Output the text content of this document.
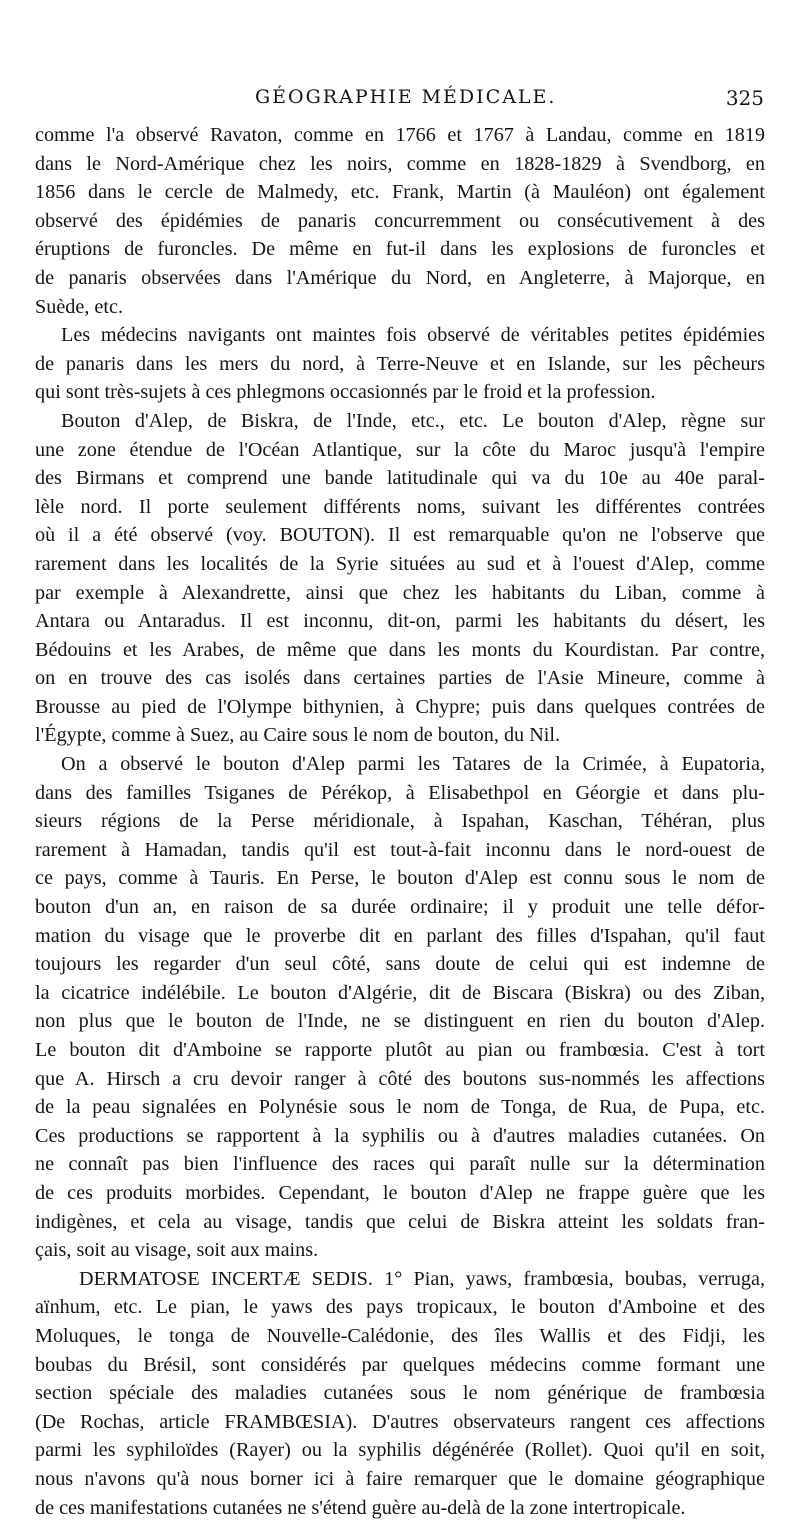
GÉOGRAPHIE MÉDICALE.	325
comme l'a observé Ravaton, comme en 1766 et 1767 à Landau, comme en 1819
dans le Nord-Amérique chez les noirs, comme en 1828-1829 à Svendborg, en
1856 dans le cercle de Malmedy, etc. Frank, Martin (à Mauléon) ont également
observé des épidémies de panaris concurremment ou consécutivement à des
éruptions de furoncles. De même en fut-il dans les explosions de furoncles et
de panaris observées dans l'Amérique du Nord, en Angleterre, à Majorque, en
Suède, etc.
Les médecins navigants ont maintes fois observé de véritables petites épidémies
de panaris dans les mers du nord, à Terre-Neuve et en Islande, sur les pêcheurs
qui sont très-sujets à ces phlegmons occasionnés par le froid et la profession.
Bouton d'Alep, de Biskra, de l'Inde, etc., etc. Le bouton d'Alep, règne sur
une zone étendue de l'Océan Atlantique, sur la côte du Maroc jusqu'à l'empire
des Birmans et comprend une bande latitudinale qui va du 10e au 40e paral-
lèle nord. Il porte seulement différents noms, suivant les différentes contrées
où il a été observé (voy. BOUTON). Il est remarquable qu'on ne l'observe que
rarement dans les localités de la Syrie situées au sud et à l'ouest d'Alep, comme
par exemple à Alexandrette, ainsi que chez les habitants du Liban, comme à
Antara ou Antaradus. Il est inconnu, dit-on, parmi les habitants du désert, les
Bédouins et les Arabes, de même que dans les monts du Kourdistan. Par contre,
on en trouve des cas isolés dans certaines parties de l'Asie Mineure, comme à
Brousse au pied de l'Olympe bithynien, à Chypre; puis dans quelques contrées de
l'Égypte, comme à Suez, au Caire sous le nom de bouton, du Nil.
On a observé le bouton d'Alep parmi les Tatares de la Crimée, à Eupatoria,
dans des familles Tsiganes de Pérékop, à Elisabethpol en Géorgie et dans plu-
sieurs régions de la Perse méridionale, à Ispahan, Kaschan, Téhéran, plus
rarement à Hamadan, tandis qu'il est tout-à-fait inconnu dans le nord-ouest de
ce pays, comme à Tauris. En Perse, le bouton d'Alep est connu sous le nom de
bouton d'un an, en raison de sa durée ordinaire; il y produit une telle défor-
mation du visage que le proverbe dit en parlant des filles d'Ispahan, qu'il faut
toujours les regarder d'un seul côté, sans doute de celui qui est indemne de
la cicatrice indélébile. Le bouton d'Algérie, dit de Biscara (Biskra) ou des Ziban,
non plus que le bouton de l'Inde, ne se distinguent en rien du bouton d'Alep.
Le bouton dit d'Amboine se rapporte plutôt au pian ou frambœsia. C'est à tort
que A. Hirsch a cru devoir ranger à côté des boutons sus-nommés les affections
de la peau signalées en Polynésie sous le nom de Tonga, de Rua, de Pupa, etc.
Ces productions se rapportent à la syphilis ou à d'autres maladies cutanées. On
ne connaît pas bien l'influence des races qui paraît nulle sur la détermination
de ces produits morbides. Cependant, le bouton d'Alep ne frappe guère que les
indigènes, et cela au visage, tandis que celui de Biskra atteint les soldats fran-
çais, soit au visage, soit aux mains.
DERMATOSE INCERTÆ SEDIS. 1° Pian, yaws, frambœsia, boubas, verruga,
aïnhum, etc. Le pian, le yaws des pays tropicaux, le bouton d'Amboine et des
Moluques, le tonga de Nouvelle-Calédonie, des îles Wallis et des Fidji, les
boubas du Brésil, sont considérés par quelques médecins comme formant une
section spéciale des maladies cutanées sous le nom générique de frambœsia
(De Rochas, article FRAMBŒSIA). D'autres observateurs rangent ces affections
parmi les syphiloïdes (Rayer) ou la syphilis dégénérée (Rollet). Quoi qu'il en soit,
nous n'avons qu'à nous borner ici à faire remarquer que le domaine géographique
de ces manifestations cutanées ne s'étend guère au-delà de la zone intertropicale.
